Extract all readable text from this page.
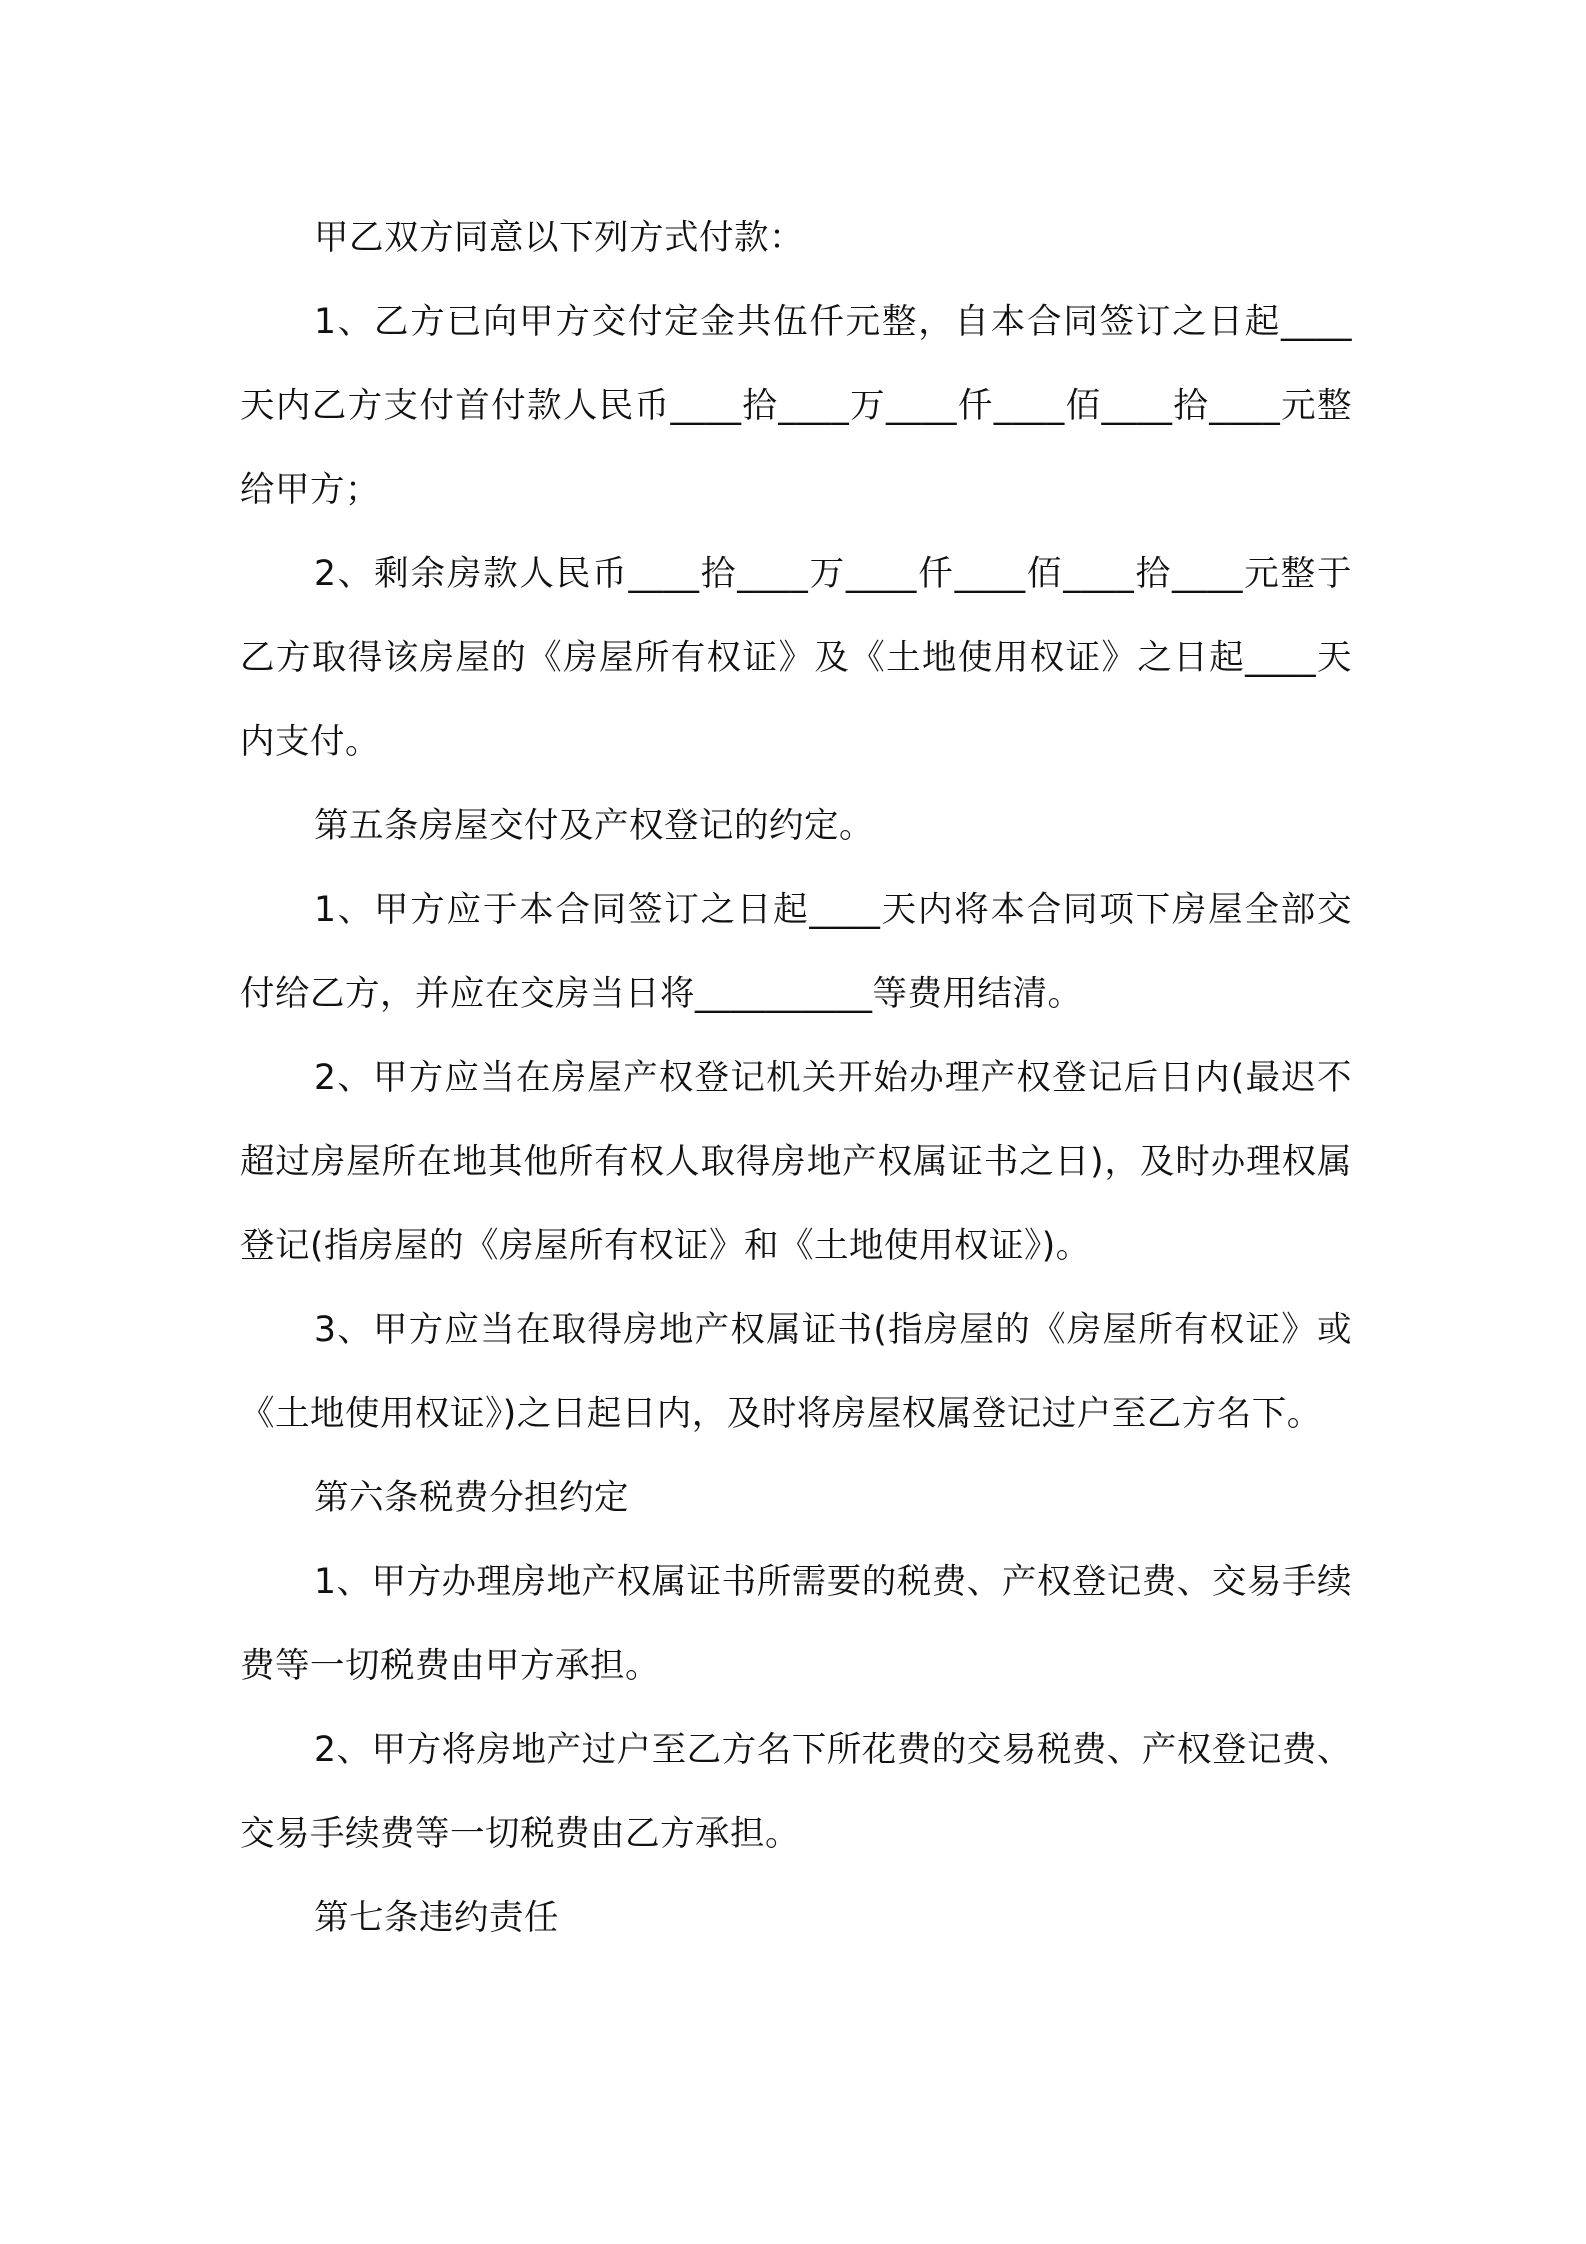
甲乙双方同意以下列方式付款：

1、乙方已向甲方交付定金共伍仟元整，自本合同签订之日起____天内乙方支付首付款人民币____拾____万____仟____佰____拾____元整给甲方；

2、剩余房款人民币____拾____万____仟____佰____拾____元整于乙方取得该房屋的《房屋所有权证》及《土地使用权证》之日起____天内支付。

第五条房屋交付及产权登记的约定。

1、甲方应于本合同签订之日起____天内将本合同项下房屋全部交付给乙方，并应在交房当日将__________等费用结清。

2、甲方应当在房屋产权登记机关开始办理产权登记后日内(最迟不超过房屋所在地其他所有权人取得房地产权属证书之日)，及时办理权属登记(指房屋的《房屋所有权证》和《土地使用权证》)。

3、甲方应当在取得房地产权属证书(指房屋的《房屋所有权证》或《土地使用权证》)之日起日内，及时将房屋权属登记过户至乙方名下。

第六条税费分担约定

1、甲方办理房地产权属证书所需要的税费、产权登记费、交易手续费等一切税费由甲方承担。

2、甲方将房地产过户至乙方名下所花费的交易税费、产权登记费、交易手续费等一切税费由乙方承担。

第七条违约责任
